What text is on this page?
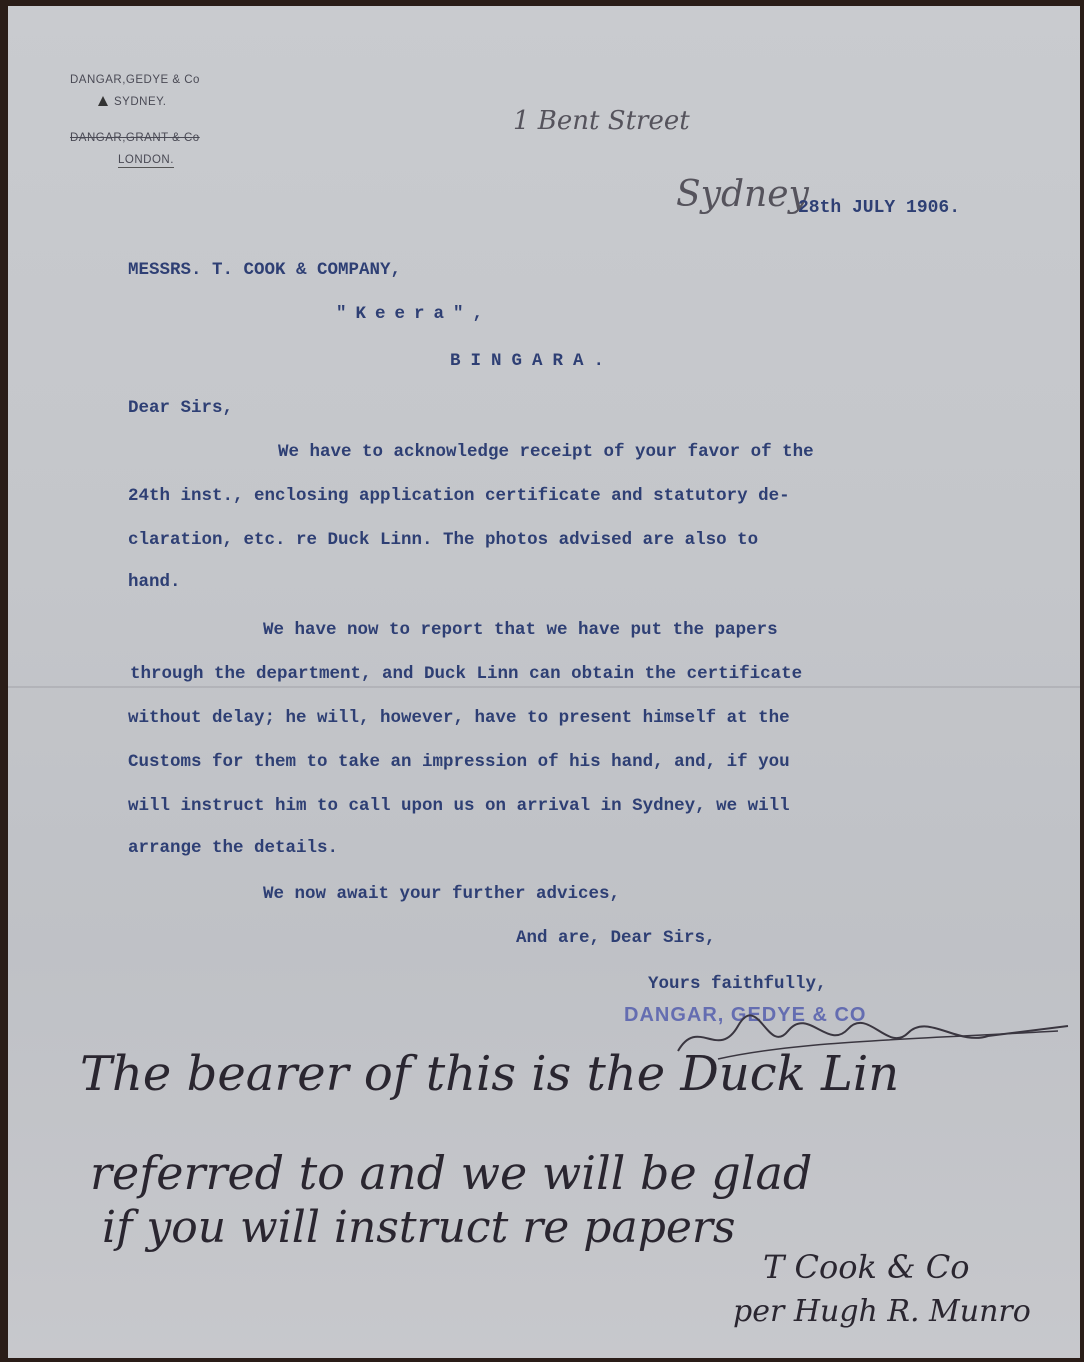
DANGAR,GEDYE & Co
SYDNEY.
DANGAR,GRANT & Co
LONDON.
1 Bent Street
Sydney
28th JULY 1906.
MESSRS. T. COOK & COMPANY,
"Keera",
BINGARA.
Dear Sirs,
We have to acknowledge receipt of your favor of the
24th inst., enclosing application certificate and statutory de-
claration, etc. re Duck Linn. The photos advised are also to
hand.
We have now to report that we have put the papers
through the department, and Duck Linn can obtain the certificate
without delay; he will, however, have to present himself at the
Customs for them to take an impression of his hand, and, if you
will instruct him to call upon us on arrival in Sydney, we will
arrange the details.
We now await your further advices,
And are, Dear Sirs,
Yours faithfully,
DANGAR, GEDYE & CO
The bearer of this is the Duck Lin
referred to and we will be glad
if you will instruct re papers
T Cook & Co
per Hugh R. Munro
